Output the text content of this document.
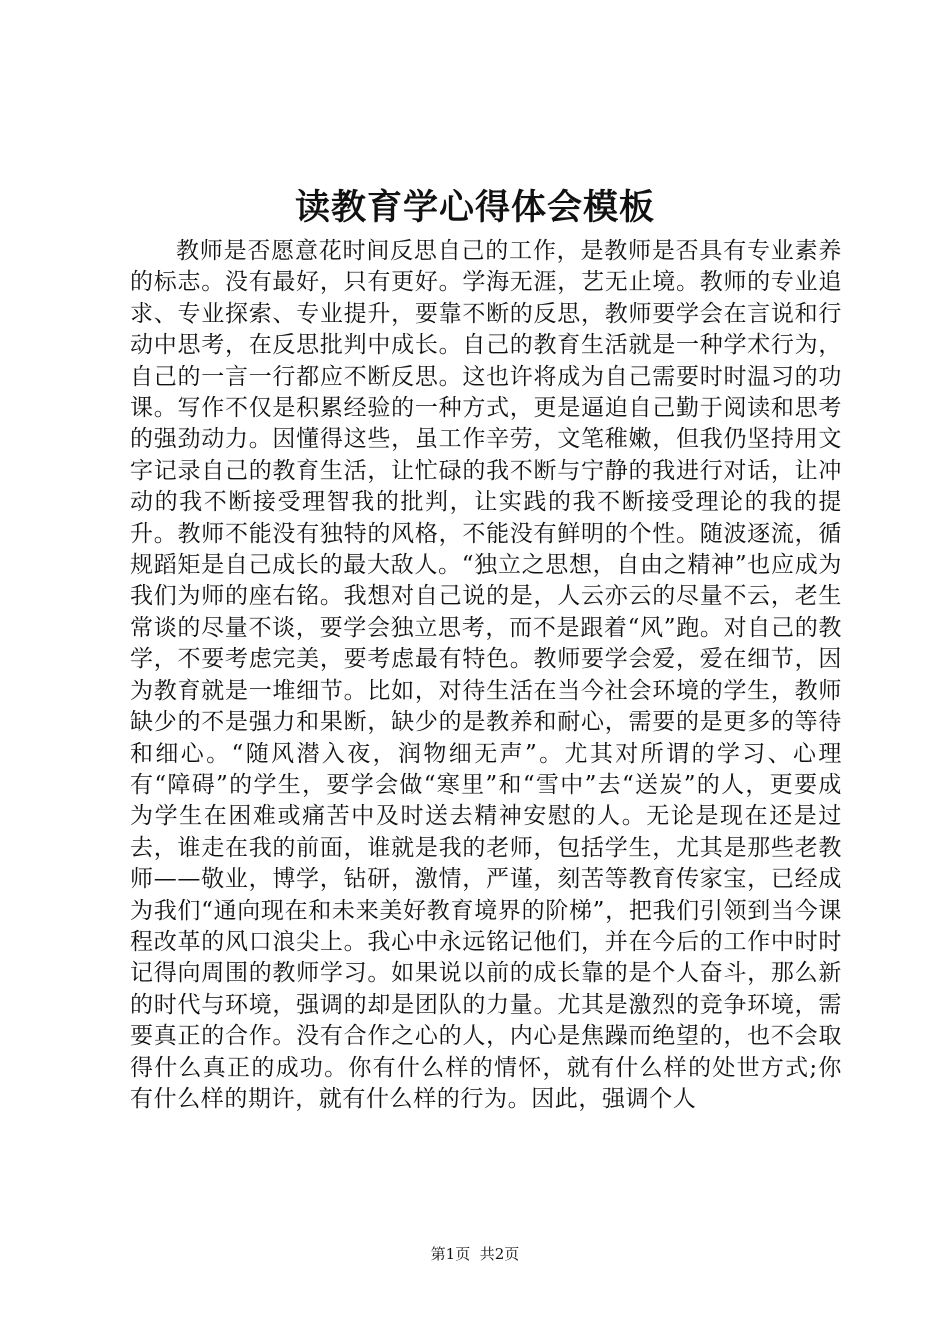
读教育学心得体会模板

教师是否愿意花时间反思自己的工作，是教师是否具有专业素养的标志。没有最好，只有更好。学海无涯，艺无止境。教师的专业追求、专业探索、专业提升，要靠不断的反思，教师要学会在言说和行动中思考，在反思批判中成长。自己的教育生活就是一种学术行为，自己的一言一行都应不断反思。这也许将成为自己需要时时温习的功课。写作不仅是积累经验的一种方式，更是逼迫自己勤于阅读和思考的强劲动力。因懂得这些，虽工作辛劳，文笔稚嫩，但我仍坚持用文字记录自己的教育生活，让忙碌的我不断与宁静的我进行对话，让冲动的我不断接受理智我的批判，让实践的我不断接受理论的我的提升。教师不能没有独特的风格，不能没有鲜明的个性。随波逐流，循规蹈矩是自己成长的最大敌人。“独立之思想，自由之精神”也应成为我们为师的座右铭。我想对自己说的是，人云亦云的尽量不云，老生常谈的尽量不谈，要学会独立思考，而不是跟着“风”跑。对自己的教学，不要考虑完美，要考虑最有特色。教师要学会爱，爱在细节，因为教育就是一堆细节。比如，对待生活在当今社会环境的学生，教师缺少的不是强力和果断，缺少的是教养和耐心，需要的是更多的等待和细心。“随风潜入夜，润物细无声”。尤其对所谓的学习、心理有“障碍”的学生，要学会做“寒里”和“雪中”去“送炭”的人，更要成为学生在困难或痛苦中及时送去精神安慰的人。无论是现在还是过去，谁走在我的前面，谁就是我的老师，包括学生，尤其是那些老教师——敬业，博学，钻研，激情，严谨，刻苦等教育传家宝，已经成为我们“通向现在和未来美好教育境界的阶梯”，把我们引领到当今课程改革的风口浪尖上。我心中永远铭记他们，并在今后的工作中时时记得向周围的教师学习。如果说以前的成长靠的是个人奋斗，那么新的时代与环境，强调的却是团队的力量。尤其是激烈的竞争环境，需要真正的合作。没有合作之心的人，内心是焦躁而绝望的，也不会取得什么真正的成功。你有什么样的情怀，就有什么样的处世方式;你有什么样的期许，就有什么样的行为。因此，强调个人

第1页 共2页
